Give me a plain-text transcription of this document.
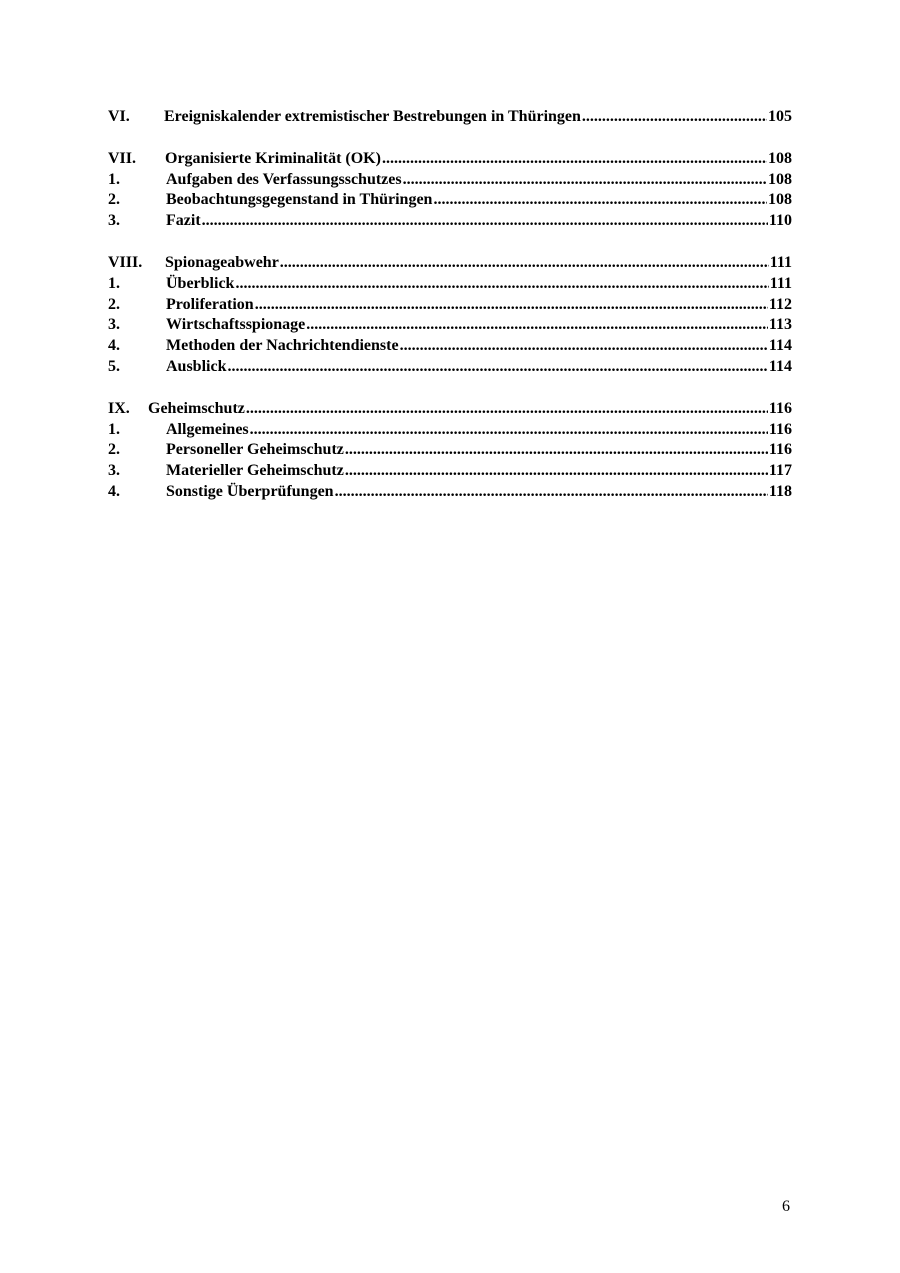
VI.	Ereigniskalender extremistischer Bestrebungen in Thüringen .....	105
VII.	Organisierte Kriminalität (OK) .....	108
1.	Aufgaben des Verfassungsschutzes .....	108
2.	Beobachtungsgegenstand in Thüringen .....	108
3.	Fazit .....	110
VIII.	Spionageabwehr .....	111
1.	Überblick .....	111
2.	Proliferation .....	112
3.	Wirtschaftsspionage .....	113
4.	Methoden der Nachrichtendienste .....	114
5.	Ausblick .....	114
IX.	Geheimschutz .....	116
1.	Allgemeines .....	116
2.	Personeller Geheimschutz .....	116
3.	Materieller Geheimschutz .....	117
4.	Sonstige Überprüfungen .....	118
6
